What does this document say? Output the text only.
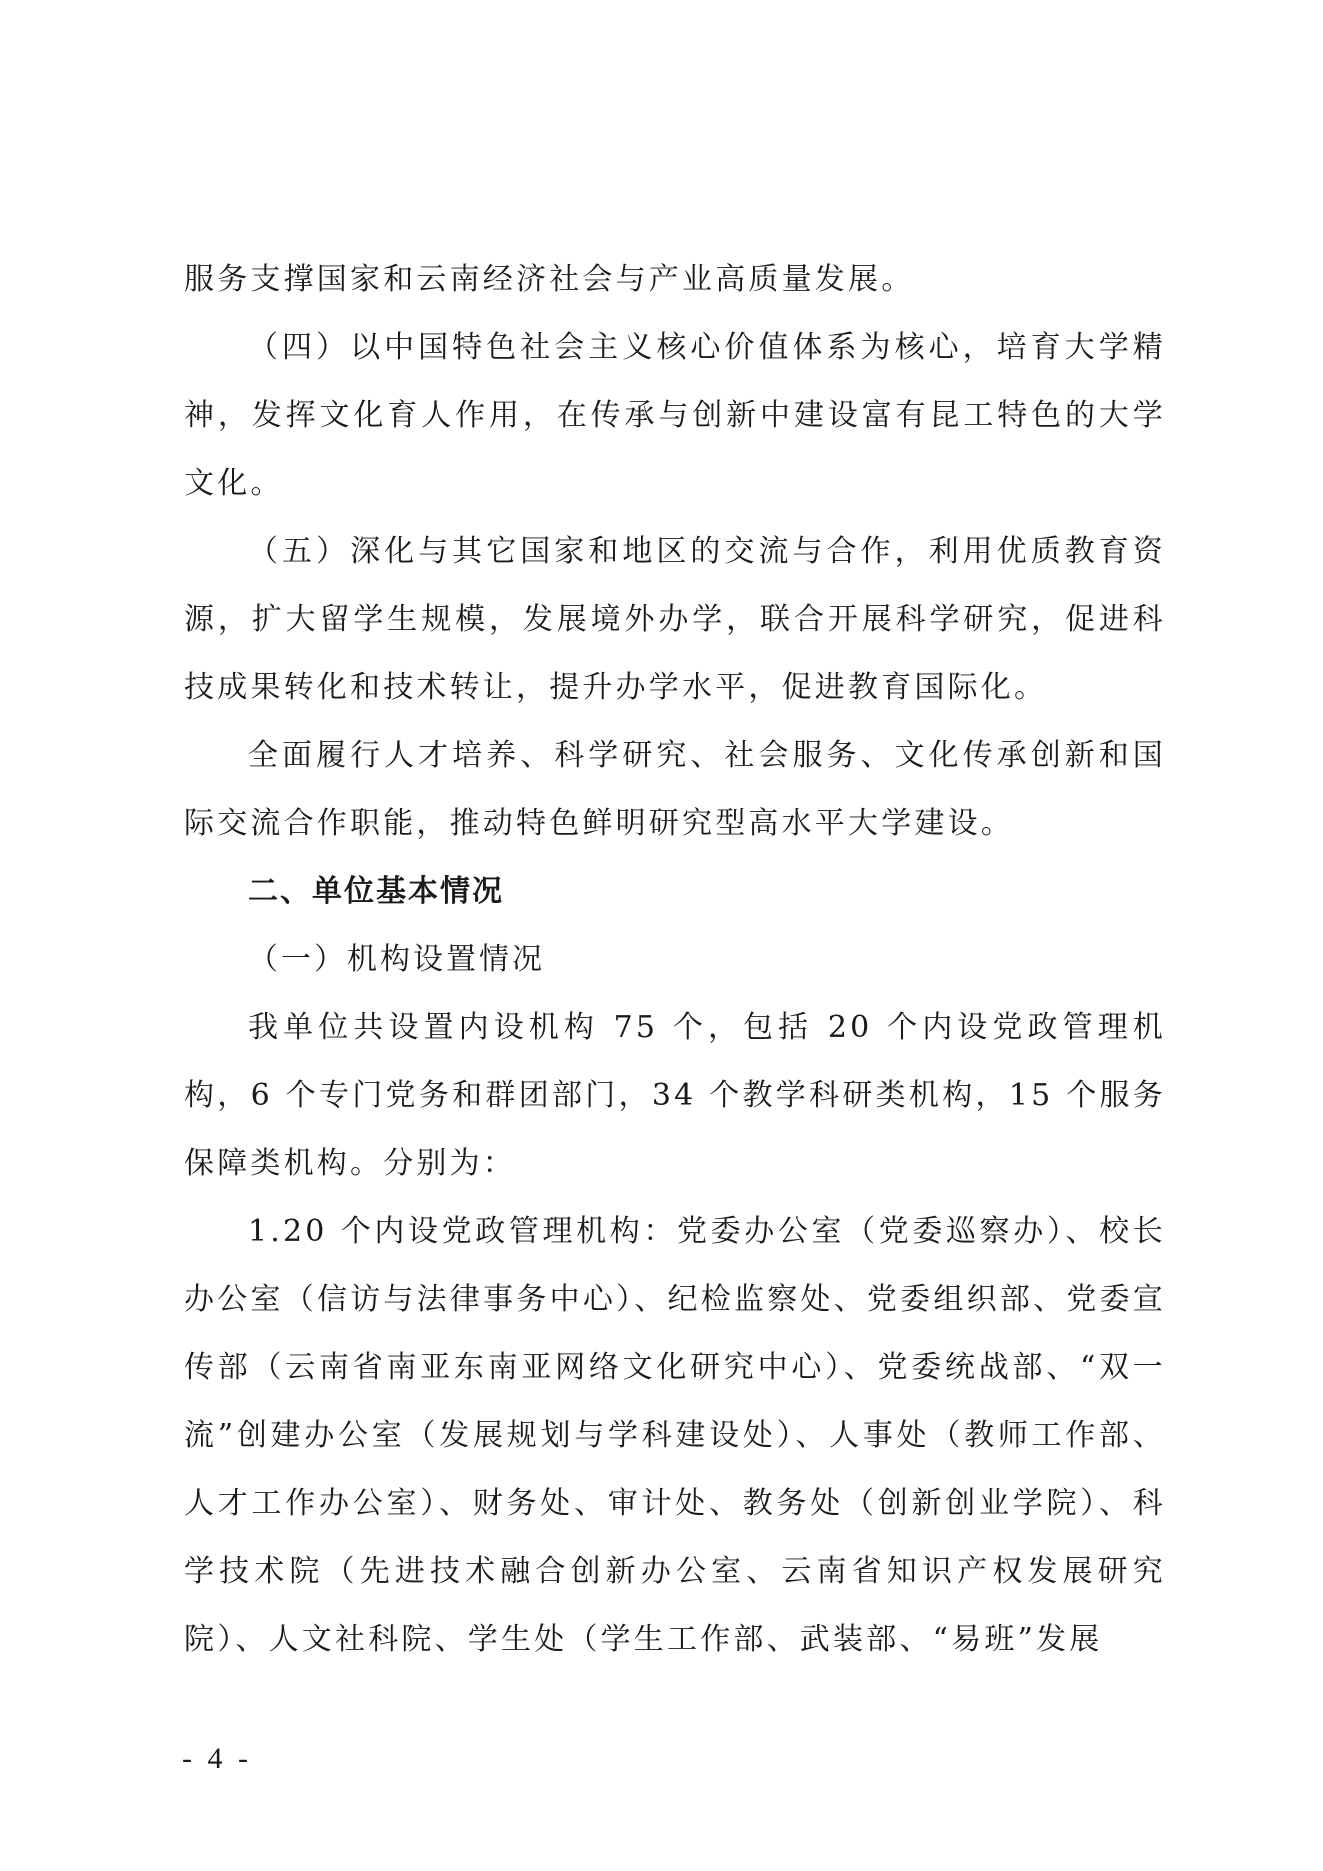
服务支撑国家和云南经济社会与产业高质量发展。

（四）以中国特色社会主义核心价值体系为核心，培育大学精神，发挥文化育人作用，在传承与创新中建设富有昆工特色的大学文化。

（五）深化与其它国家和地区的交流与合作，利用优质教育资源，扩大留学生规模，发展境外办学，联合开展科学研究，促进科技成果转化和技术转让，提升办学水平，促进教育国际化。

全面履行人才培养、科学研究、社会服务、文化传承创新和国际交流合作职能，推动特色鲜明研究型高水平大学建设。

二、单位基本情况

（一）机构设置情况

我单位共设置内设机构 75 个，包括 20 个内设党政管理机构，6 个专门党务和群团部门，34 个教学科研类机构，15 个服务保障类机构。分别为：

1.20 个内设党政管理机构：党委办公室（党委巡察办）、校长办公室（信访与法律事务中心）、纪检监察处、党委组织部、党委宣传部（云南省南亚东南亚网络文化研究中心）、党委统战部、“双一流”创建办公室（发展规划与学科建设处）、人事处（教师工作部、人才工作办公室）、财务处、审计处、教务处（创新创业学院）、科学技术院（先进技术融合创新办公室、云南省知识产权发展研究院）、人文社科院、学生处（学生工作部、武装部、“易班”发展

- 4 -
